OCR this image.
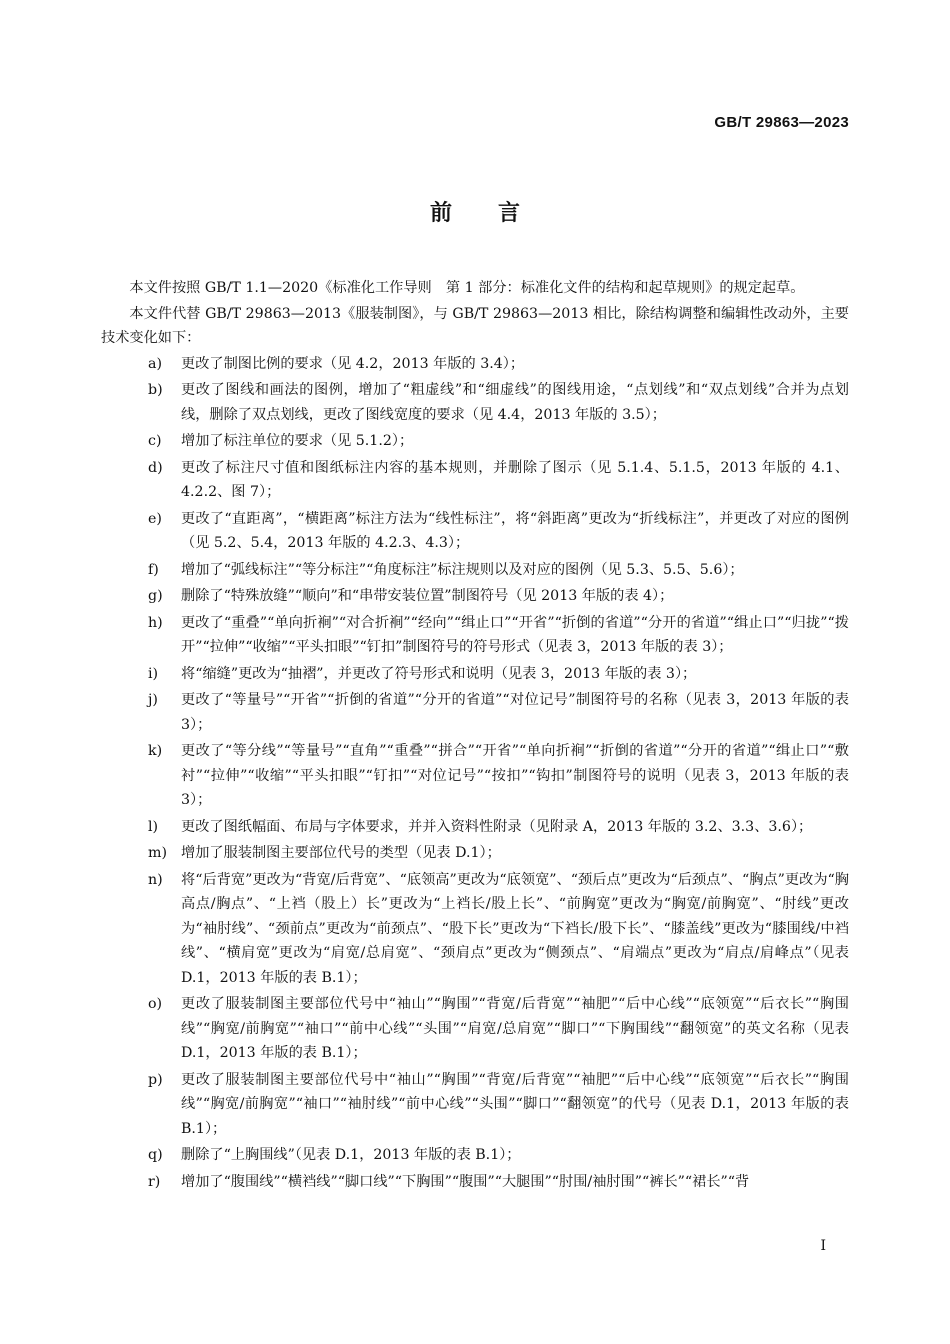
GB/T 29863—2023
前言

本文件按照 GB/T 1.1—2020《标准化工作导则　第 1 部分：标准化文件的结构和起草规则》的规定起草。

本文件代替 GB/T 29863—2013《服装制图》，与 GB/T 29863—2013 相比，除结构调整和编辑性改动外，主要技术变化如下：

a) 更改了制图比例的要求（见 4.2，2013 年版的 3.4）；
b) 更改了图线和画法的图例，增加了“粗虚线”和“细虚线”的图线用途，“点划线”和“双点划线”合并为点划线，删除了双点划线，更改了图线宽度的要求（见 4.4，2013 年版的 3.5）；
c) 增加了标注单位的要求（见 5.1.2）；
d) 更改了标注尺寸值和图纸标注内容的基本规则，并删除了图示（见 5.1.4、5.1.5，2013 年版的 4.1、4.2.2、图 7）；
e) 更改了“直距离”，“横距离”标注方法为“线性标注”，将“斜距离”更改为“折线标注”，并更改了对应的图例（见 5.2、5.4，2013 年版的 4.2.3、4.3）；
f) 增加了“弧线标注”“等分标注”“角度标注”标注规则以及对应的图例（见 5.3、5.5、5.6）；
g) 删除了“特殊放缝”“顺向”和“串带安装位置”制图符号（见 2013 年版的表 4）；
h) 更改了“重叠”“单向折裥”“对合折裥”“经向”“缉止口”“开省”“折倒的省道”“分开的省道”“缉止口”“归拢”“拨开”“拉伸”“收缩”“平头扣眼”“钉扣”制图符号的符号形式（见表 3，2013 年版的表 3）；
i) 将“缩缝”更改为“抽褶”，并更改了符号形式和说明（见表 3，2013 年版的表 3）；
j) 更改了“等量号”“开省”“折倒的省道”“分开的省道”“对位记号”制图符号的名称（见表 3，2013 年版的表 3）；
k) 更改了“等分线”“等量号”“直角”“重叠”“拼合”“开省”“单向折裥”“折倒的省道”“分开的省道”“缉止口”“敷衬”“拉伸”“收缩”“平头扣眼”“钉扣”“对位记号”“按扣”“钩扣”制图符号的说明（见表 3，2013 年版的表 3）；
l) 更改了图纸幅面、布局与字体要求，并并入资料性附录（见附录 A，2013 年版的 3.2、3.3、3.6）；
m) 增加了服装制图主要部位代号的类型（见表 D.1）；
n) 将“后背宽”更改为“背宽/后背宽”、“底领高”更改为“底领宽”、“颈后点”更改为“后颈点”、“胸点”更改为“胸高点/胸点”、“上裆（股上）长”更改为“上裆长/股上长”、“前胸宽”更改为“胸宽/前胸宽”、“肘线”更改为“袖肘线”、“颈前点”更改为“前颈点”、“股下长”更改为“下裆长/股下长”、“膝盖线”更改为“膝围线/中裆线”、“横肩宽”更改为“肩宽/总肩宽”、“颈肩点”更改为“侧颈点”、“肩端点”更改为“肩点/肩峰点”（见表 D.1，2013 年版的表 B.1）；
o) 更改了服装制图主要部位代号中“袖山”“胸围”“背宽/后背宽”“袖肥”“后中心线”“底领宽”“后衣长”“胸围线”“胸宽/前胸宽”“袖口”“前中心线”“头围”“肩宽/总肩宽”“脚口”“下胸围线”“翻领宽”的英文名称（见表 D.1，2013 年版的表 B.1）；
p) 更改了服装制图主要部位代号中“袖山”“胸围”“背宽/后背宽”“袖肥”“后中心线”“底领宽”“后衣长”“胸围线”“胸宽/前胸宽”“袖口”“袖肘线”“前中心线”“头围”“脚口”“翻领宽”的代号（见表 D.1，2013 年版的表 B.1）；
q) 删除了“上胸围线”（见表 D.1，2013 年版的表 B.1）；
r) 增加了“腹围线”“横裆线”“脚口线”“下胸围”“腹围”“大腿围”“肘围/袖肘围”“裤长”“裙长”“背
I
